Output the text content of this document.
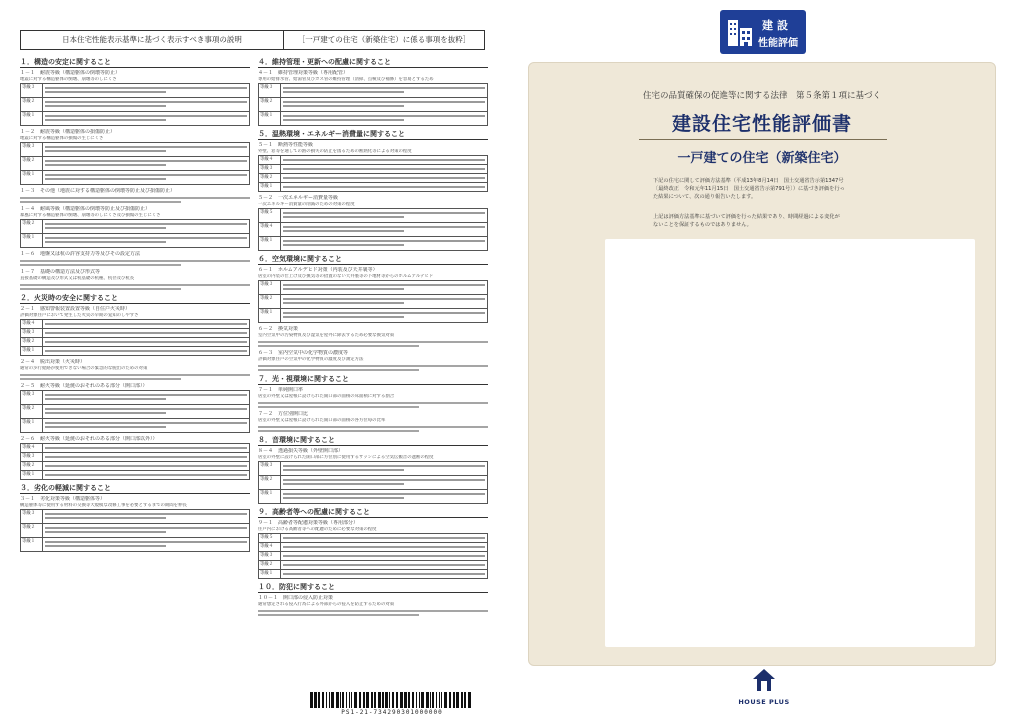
日本住宅性能表示基準に基づく表示すべき事項の説明	［一戸建ての住宅（新築住宅）に係る事項を抜粋］
１．構造の安定に関すること
１－１　耐震等級（構造躯体の倒壊等防止）
地震に対する構造躯体の倒壊、崩壊等のしにくさ
等級３
等級２
等級１
１－２　耐震等級（構造躯体の損傷防止）
地震に対する構造躯体の損傷の生じにくさ
等級３
等級２
等級１
１－３　その他（地震に対する構造躯体の倒壊等防止及び損傷防止）
１－４　耐風等級（構造躯体の倒壊等防止及び損傷防止）
暴風に対する構造躯体の倒壊、崩壊等のしにくさ及び損傷の生じにくさ
等級２
等級１
１－６　地盤又は杭の許容支持力等及びその設定方法
１－７　基礎の構造方法及び形式等
直接基礎の構造及び形式又は杭基礎の杭種、杭径及び杭長
２．火災時の安全に関すること
２－１　感知警報装置設置等級（自住戸火災時）
評価対象住戸において発生した火災の早期の覚知のしやすさ
等級４
等級３
等級２
等級１
２－４　脱出対策（火災時）
通常の歩行経路が使用できない場合の緊急的な脱出のための対策
２－５　耐火等級（延焼のおそれのある部分（開口部））
等級３
等級２
等級１
２－６　耐火等級（延焼のおそれのある部分（開口部以外））
等級４
等級３
等級２
等級１
３．劣化の軽減に関すること
３－１　劣化対策等級（構造躯体等）
構造躯体等に使用する材料の交換等大規模な改修工事を必要とするまでの期間を伸長
等級３
等級２
等級１
４．維持管理・更新への配慮に関すること
４－１　維持管理対策等級（専用配管）
専用の給排水管、給湯管及びガス管の維持管理（清掃、点検及び補修）を容易とするため
等級３
等級２
等級１
５．温熱環境・エネルギー消費量に関すること
５－１　断熱等性能等級
外壁、窓等を通しての熱の損失の防止を図るための断熱化等による対策の程度
等級４
等級３
等級２
等級１
５－２　一次エネルギー消費量等級
一次エネルギー消費量の削減のための対策の程度
等級５
等級４
等級１
６．空気環境に関すること
６－１　ホルムアルデヒド対策（内装及び天井裏等）
居室の内装の仕上げ及び換気等の措置のない天井裏等の下地材等からのホルムアルデヒド
等級３
等級２
等級１
６－２　換気対策
室内空気中の汚染物質及び湿気を屋外に除去するため必要な換気対策
６－３　室内空気中の化学物質の濃度等
評価対象住戸の空気中の化学物質の濃度及び測定方法
７．光・視環境に関すること
７－１　単純開口率
居室の外壁又は屋根に設けられた開口部の面積の床面積に対する割合
７－２　方位別開口比
居室の外壁又は屋根に設けられた開口部の面積の各方位毎の比率
８．音環境に関すること
８－４　透過損失等級（外壁開口部）
居室の外壁に設けられた開口部に方位別に使用するサッシによる空気伝搬音の遮断の程度
等級３
等級２
等級１
９．高齢者等への配慮に関すること
９－１　高齢者等配慮対策等級（専用部分）
住戸内における高齢者等への配慮のために必要な対策の程度
等級５
等級４
等級３
等級２
等級１
１０．防犯に関すること
１０－１　開口部の侵入防止対策
通常想定される侵入行為による外部からの侵入を防止するための対策
PS1-21-734290301000000
建設
性能評価
住宅の品質確保の促進等に関する法律　第５条第１項に基づく
建設住宅性能評価書
一戸建ての住宅（新築住宅）
下記の住宅に関して評価方法基準（平成13年8月14日　国土交通省告示第1347号
〔最終改正　令和元年11月15日　国土交通省告示第791号〕）に基づき評価を行っ
た結果について、次の通り報告いたします。
上記は評価方法基準に基づいて評価を行った結果であり、時間経過による変化が
ないことを保証するものではありません。
HOUSE PLUS
